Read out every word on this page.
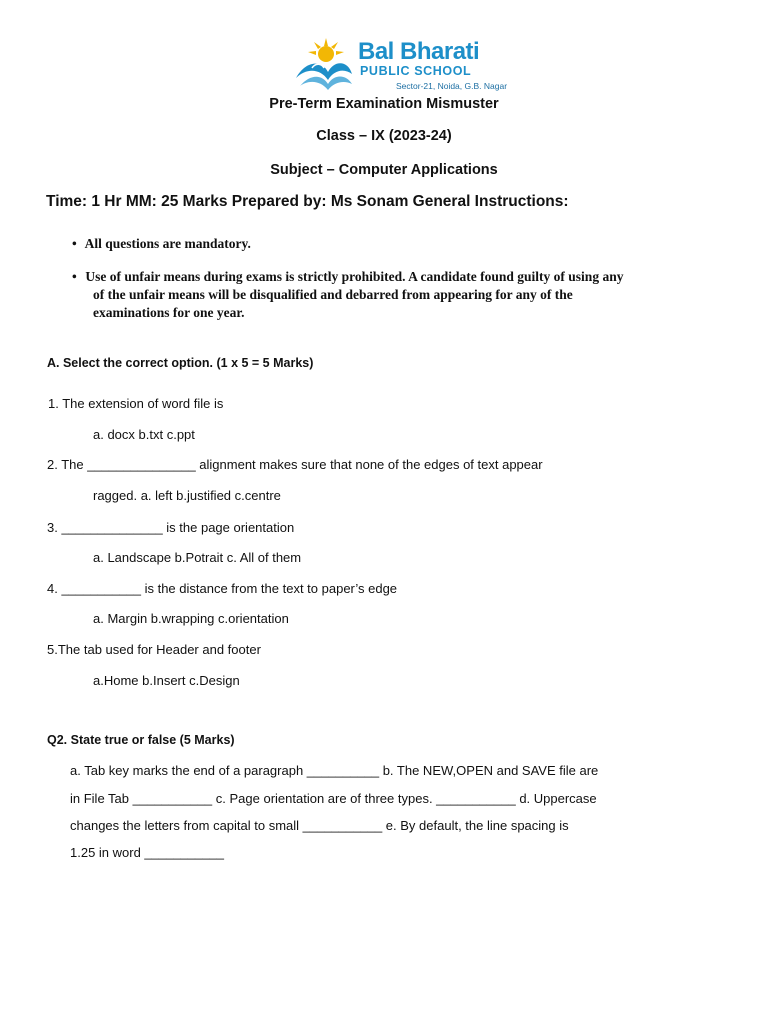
Bal Bharati
PUBLIC SCHOOL
Sector-21, Noida, G.B. Nagar
Pre-Term Examination Mismuster
Class – IX (2023-24)
Subject – Computer Applications
Time: 1 Hr MM: 25 Marks Prepared by: Ms Sonam General Instructions:
• All questions are mandatory.
• Use of unfair means during exams is strictly prohibited. A candidate found guilty of using any
of the unfair means will be disqualified and debarred from appearing for any of the
examinations for one year.
A. Select the correct option. (1 x 5 = 5 Marks)
1. The extension of word file is
a. docx b.txt c.ppt
2. The _______________ alignment makes sure that none of the edges of text appear
ragged. a. left b.justified c.centre
3. ______________ is the page orientation
a. Landscape b.Potrait c. All of them
4. ___________ is the distance from the text to paper’s edge
a. Margin b.wrapping c.orientation
5.The tab used for Header and footer
a.Home b.Insert c.Design
Q2. State true or false (5 Marks)
a. Tab key marks the end of a paragraph __________ b. The NEW,OPEN and SAVE file are
in File Tab ___________ c. Page orientation are of three types. ___________ d. Uppercase
changes the letters from capital to small ___________ e. By default, the line spacing is
1.25 in word ___________
